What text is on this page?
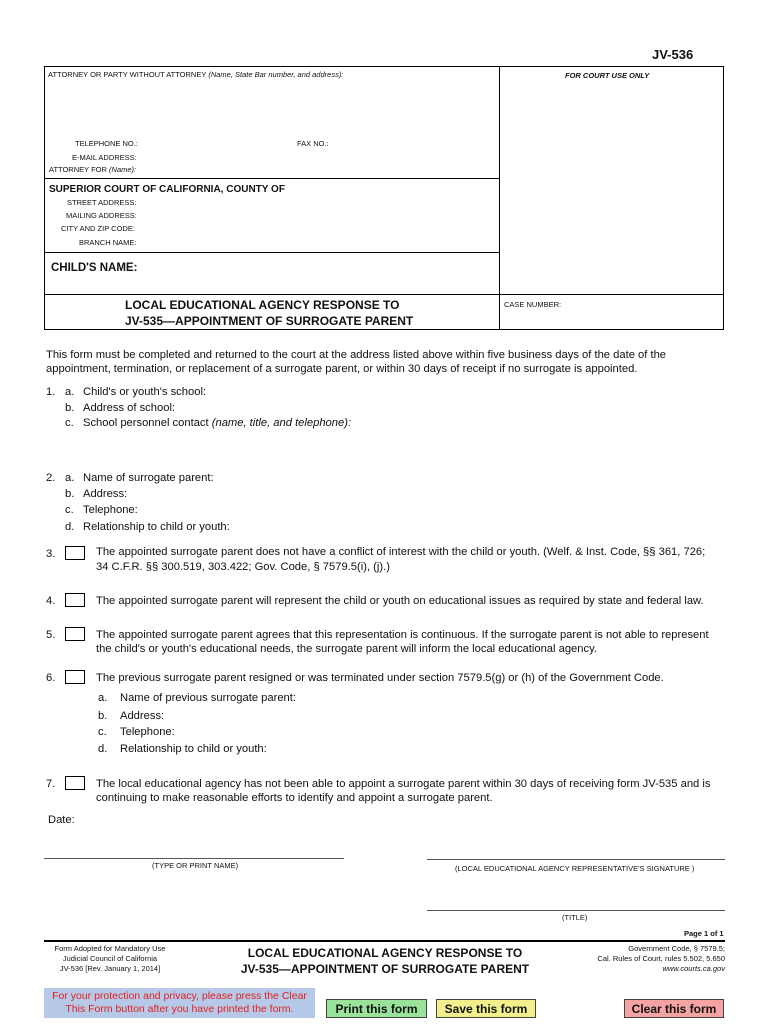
JV-536
ATTORNEY OR PARTY WITHOUT ATTORNEY (Name, State Bar number, and address):	FOR COURT USE ONLY
TELEPHONE NO.:	FAX NO.:
E-MAIL ADDRESS:
ATTORNEY FOR (Name):
SUPERIOR COURT OF CALIFORNIA, COUNTY OF
STREET ADDRESS:
MAILING ADDRESS:
CITY AND ZIP CODE:
BRANCH NAME:
CHILD'S NAME:
LOCAL EDUCATIONAL AGENCY RESPONSE TO
JV-535—APPOINTMENT OF SURROGATE PARENT
CASE NUMBER:
This form must be completed and returned to the court at the address listed above within five business days of the date of the
appointment, termination, or replacement of a surrogate parent, or within 30 days of receipt if no surrogate is appointed.
1. a. Child's or youth's school:
b. Address of school:
c. School personnel contact (name, title, and telephone):
2. a. Name of surrogate parent:
b. Address:
c. Telephone:
d. Relationship to child or youth:
3.	The appointed surrogate parent does not have a conflict of interest with the child or youth. (Welf. & Inst. Code, §§ 361, 726;
34 C.F.R. §§ 300.519, 303.422; Gov. Code, § 7579.5(i), (j).)
4.	The appointed surrogate parent will represent the child or youth on educational issues as required by state and federal law.
5.	The appointed surrogate parent agrees that this representation is continuous. If the surrogate parent is not able to represent
the child's or youth's educational needs, the surrogate parent will inform the local educational agency.
6.	The previous surrogate parent resigned or was terminated under section 7579.5(g) or (h) of the Government Code.
a. Name of previous surrogate parent:
b. Address:
c. Telephone:
d. Relationship to child or youth:
7.	The local educational agency has not been able to appoint a surrogate parent within 30 days of receiving form JV-535 and is
continuing to make reasonable efforts to identify and appoint a surrogate parent.
Date:
(TYPE OR PRINT NAME)	(LOCAL EDUCATIONAL AGENCY REPRESENTATIVE'S SIGNATURE )
(TITLE)
Page 1 of 1
Form Adopted for Mandatory Use
Judicial Council of California
JV-536 [Rev. January 1, 2014]
LOCAL EDUCATIONAL AGENCY RESPONSE TO
JV-535—APPOINTMENT OF SURROGATE PARENT
Government Code, § 7579.5;
Cal. Rules of Court, rules 5.502, 5.650
www.courts.ca.gov
For your protection and privacy, please press the Clear
This Form button after you have printed the form.	Print this form	Save this form	Clear this form
